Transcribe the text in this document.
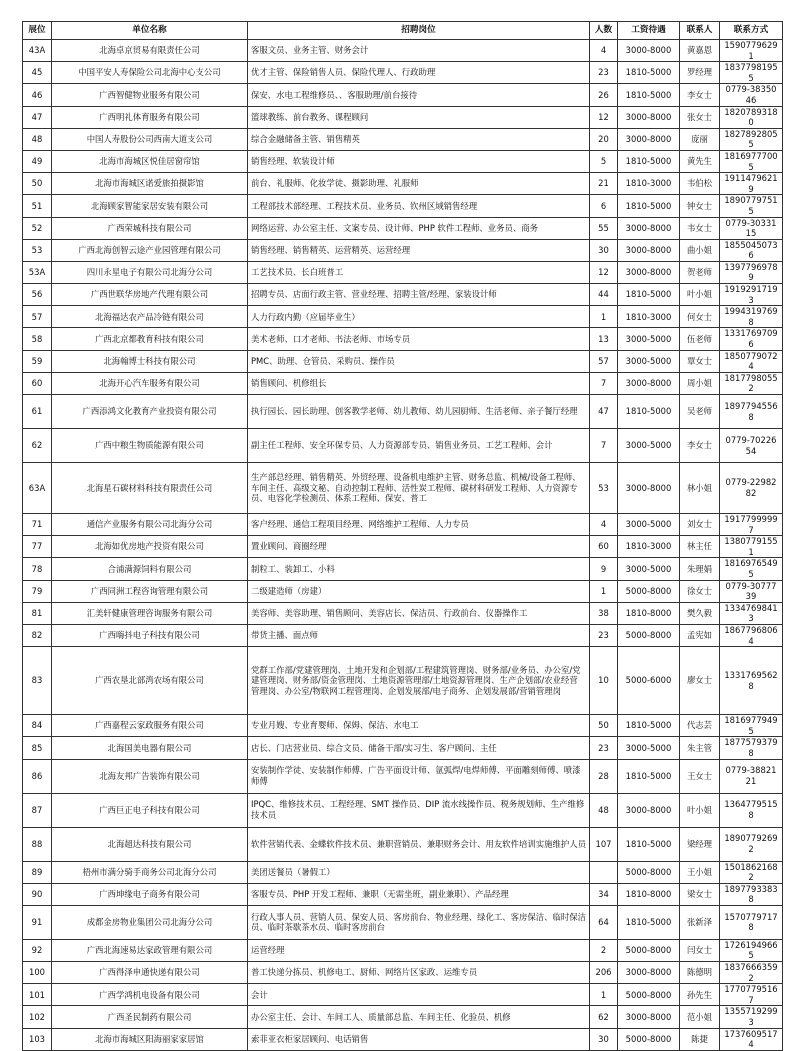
展位	单位名称	招聘岗位	人数	工资待遇	联系人	联系方式
43A	北海卓京贸易有限责任公司	客服文员、业务主管、财务会计	4	3000-8000	黄嘉恩	15907796291
45	中国平安人寿保险公司北海中心支公司	优才主管、保险销售人员、保险代理人、行政助理	23	1810-5000	罗经理	18377981955
46	广西智健物业服务有限公司	保安、水电工程维修员、、客服助理/前台接待	26	1810-5000	李女士	0779-3835046
47	广西明礼体育服务有限公司	篮球教练、前台教务、课程顾问	12	3000-8000	张女士	18207893180
48	中国人寿股份公司西南大道支公司	综合金融储备主管、销售精英	20	3000-8000	庞丽	18278928055
49	北海市海城区悦佳居窗帘馆	销售经理、软装设计师	5	1810-5000	黄先生	18169777005
50	北海市海城区诺爱旅拍摄影馆	前台、礼服师、化妆学徒、摄影助理、礼服师	21	1810-3000	韦伯松	19114796219
51	北海顾家智能家居安装有限公司	工程部技术部经理、工程技术员、业务员、钦州区域销售经理	6	1810-5000	钟女士	18907797515
52	广西荣城科技有限公司	网络运营、办公室主任、文案专员、设计师、PHP 软件工程师、业务员、商务	55	3000-8000	韦女士	0779-3033115
53	广西北海创智云途产业园管理有限公司	销售经理、销售精英、运营精英、运营经理	30	3000-8000	曲小姐	18550450736
53A	四川永星电子有限公司北海分公司	工艺技术员、长白班普工	12	3000-8000	贺老师	13977969789
56	广西世联华房地产代理有限公司	招聘专员、店面行政主管、营业经理、招聘主管/经理、家装设计师	44	1810-5000	叶小姐	19192917193
57	北海福达农产品冷链有限公司	人力行政内勤（应届毕业生）	1	1810-3000	何女士	19943197698
58	广西北京都教育科技有限公司	美术老师、口才老师、书法老师、市场专员	13	3000-5000	伍老师	13317697096
59	北海翰博士科技有限公司	PMC、助理、仓管员、采购员、操作员	57	3000-5000	覃女士	18507790724
60	北海开心汽车服务有限公司	销售顾问、机修组长	7	3000-8000	周小姐	18177980552
61	广西添鸿文化教育产业投资有限公司	执行园长、园长助理、创客教学老师、幼儿教师、幼儿园厨师、生活老师、亲子餐厅经理	47	1810-5000	吴老师	18977945568
62	广西中粮生物质能源有限公司	副主任工程师、安全环保专员、人力资源部专员、销售业务员、工艺工程师、会计	7	3000-5000	李女士	0779-7022654
63A	北海星石碳材料科技有限责任公司	生产部总经理、销售精英、外贸经理、设备机电维护主管、财务总监、机械/设备工程师、车间主任、高级文秘、自动控制工程师、活性炭工程师、碳材料研发工程师、人力资源专员、电容化学检测员、体系工程师、保安、普工	53	3000-8000	林小姐	0779-2298282
71	通信产业服务有限公司北海分公司	客户经理、通信工程项目经理、网络维护工程师、人力专员	4	3000-5000	刘女士	19177999997
77	北海如优房地产投资有限公司	置业顾问、商圈经理	60	1810-3000	林主任	13807791551
78	合浦满源饲料有限公司	制粒工、装卸工、小料	9	3000-5000	朱理娟	18169765495
79	广西同洲工程咨询管理有限公司	二级建造师（房建）	1	5000-8000	徐女士	0779-3077739
81	汇美轩健康管理咨询服务有限公司	美容师、美容助理、销售顾问、美容店长、保洁员、行政前台、仪器操作工	38	1810-8000	樊久毅	13347698413
82	广西嗨抖电子科技有限公司	带货主播、面点师	23	5000-8000	孟宪如	18677968064
83	广西农垦北部湾农场有限公司	党群工作部/党建管理岗、土地开发和企划部/工程建筑管理岗、财务部/业务员、办公室/党建管理岗、财务部/资金管理岗、土地资源管理部/土地资源管理岗、生产企划部/农业经营管理岗、办公室/物联网工程管理岗、企划发展部/电子商务、企划发展部/营销管理岗	10	5000-6000	廖女士	13317695628
84	广西嘉程云家政服务有限公司	专业月嫂、专业育婴师、保姆、保洁、水电工	50	1810-5000	代志芸	18169779495
85	北海国美电器有限公司	店长、门店营业员、综合文员、储备干部/实习生、客户顾问、主任	23	3000-5000	朱主管	18775793798
86	北海友邦广告装饰有限公司	安装制作学徒、安装制作师傅、广告平面设计师、氩弧焊/电焊师傅、平面雕刻师傅、喷漆师傅	28	1810-5000	王女士	0779-3882121
87	广西巨正电子科技有限公司	IPQC、维修技术员、工程经理、SMT 操作员、DIP 流水线操作员、税务规划师、生产维修技术员	48	3000-8000	叶小姐	13647795158
88	北海超达科技有限公司	软件营销代表、金蝶软件技术员、兼职营销员、兼职财务会计、用友软件培训实施维护人员	107	1810-5000	梁经理	18907792692
89	梧州市满分骑手商务公司北海分公司	美团送餐员（暑假工）		5000-8000	王小姐	15018621682
90	广西坤缘电子商务有限公司	客服专员、PHP 开发工程师、兼职（无需坐班，副业兼职）、产品经理	34	1810-8000	梁女士	18977933838
91	成都金房物业集团公司北海分公司	行政人事人员、营销人员、保安人员、客房前台、物业经理、绿化工、客房保洁、临时保洁员、临时茶歇茶水员、临时客房前台	64	1810-5000	张新泽	15707797178
92	广西北海速易达家政管理有限公司	运营经理	2	5000-8000	闫女士	17261949665
100	广西得泽申通快递有限公司	普工快递分拣员、机修电工、厨师、网络片区家政、运维专员	206	3000-8000	陈德明	18376663592
101	广西学鸿机电设备有限公司	会计	1	5000-8000	孙先生	17707795167
102	广西圣民制药有限公司	办公室主任、会计、车间工人、质量部总监、车间主任、化验员、机修	62	3000-8000	范小姐	13557192993
103	北海市海城区阳海丽家家居馆	索菲亚衣柜家居顾问、电话销售	30	5000-8000	陈捷	17376095174
